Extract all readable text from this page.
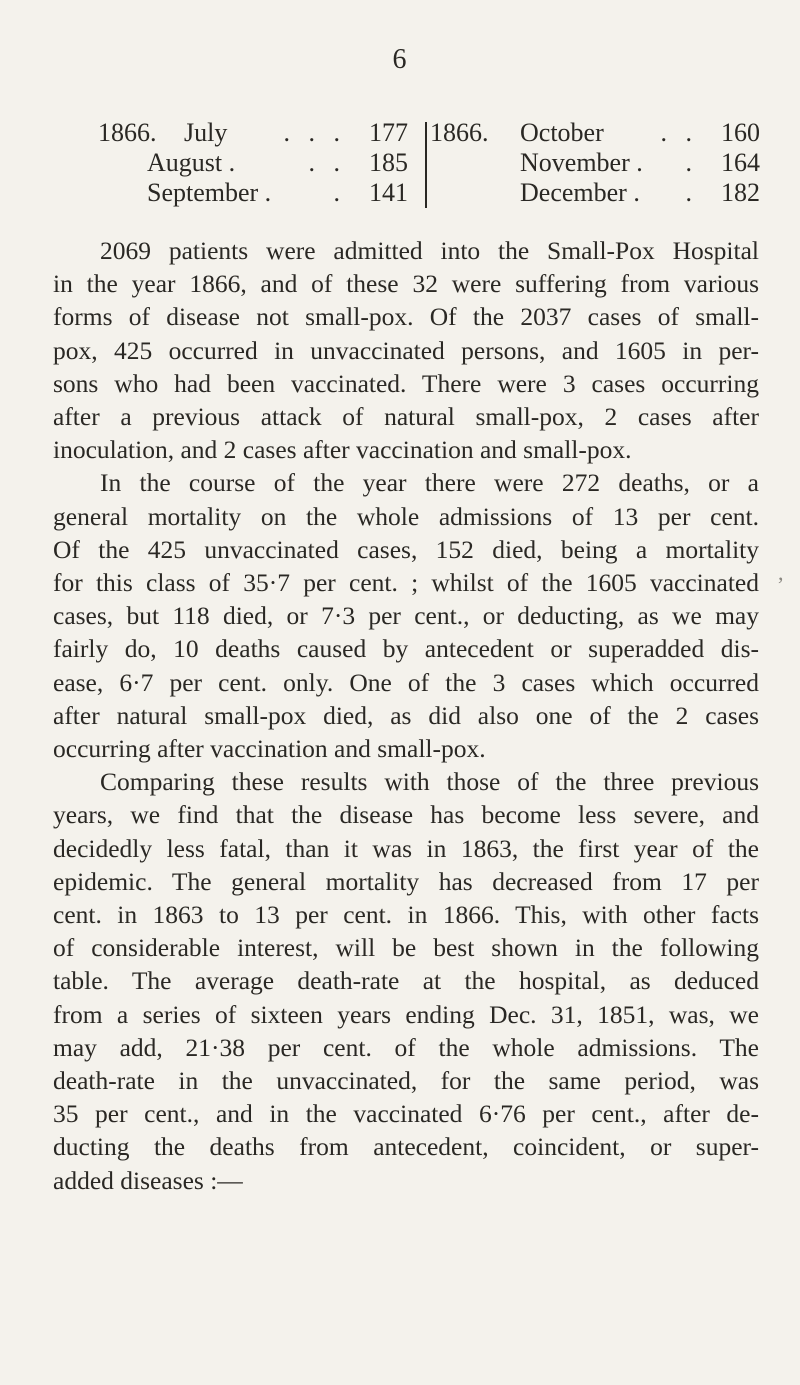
6
1866. July . . . 177
August .	. . 185
September . . 141
1866. October . . 160
November . . 164
December . . 182

2069 patients were admitted into the Small-Pox Hospital
in the year 1866, and of these 32 were suffering from various
forms of disease not small-pox. Of the 2037 cases of small-
pox, 425 occurred in unvaccinated persons, and 1605 in per-
sons who had been vaccinated. There were 3 cases occurring
after a previous attack of natural small-pox, 2 cases after
inoculation, and 2 cases after vaccination and small-pox.

In the course of the year there were 272 deaths, or a
general mortality on the whole admissions of 13 per cent.
Of the 425 unvaccinated cases, 152 died, being a mortality
for this class of 35·7 per cent. ; whilst of the 1605 vaccinated
cases, but 118 died, or 7·3 per cent., or deducting, as we may
fairly do, 10 deaths caused by antecedent or superadded dis-
ease, 6·7 per cent. only. One of the 3 cases which occurred
after natural small-pox died, as did also one of the 2 cases
occurring after vaccination and small-pox.

Comparing these results with those of the three previous
years, we find that the disease has become less severe, and
decidedly less fatal, than it was in 1863, the first year of the
epidemic. The general mortality has decreased from 17 per
cent. in 1863 to 13 per cent. in 1866. This, with other facts
of considerable interest, will be best shown in the following
table. The average death-rate at the hospital, as deduced
from a series of sixteen years ending Dec. 31, 1851, was, we
may add, 21·38 per cent. of the whole admissions. The
death-rate in the unvaccinated, for the same period, was
35 per cent., and in the vaccinated 6·76 per cent., after de-
ducting the deaths from antecedent, coincident, or super-
added diseases :—

,
